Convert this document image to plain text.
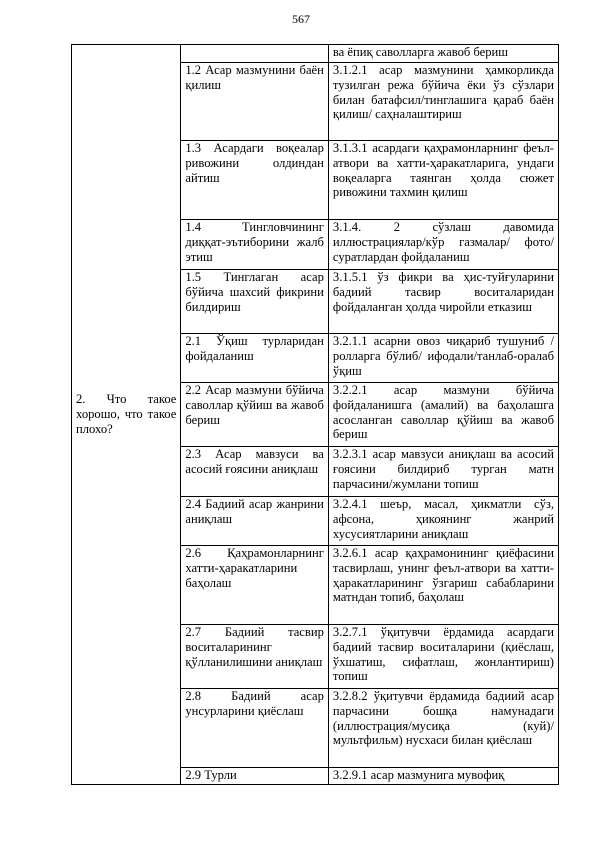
567
2. Что такое хорошо, что такое плохо?		ва ёпиқ саволларга жавоб бериш

	1.2 Асар мазмунини баён қилиш	3.1.2.1 асар мазмунини ҳамкорликда тузилган режа бўйича ёки ўз сўзлари билан батафсил/тинглашига қараб баён қилиш/ саҳналаштириш

	1.3 Асардаги воқеалар ривожини олдиндан айтиш	3.1.3.1 асардаги қаҳрамонларнинг феъл-атвори ва хатти-ҳаракатларига, ундаги воқеаларга таянган ҳолда сюжет ривожини тахмин қилиш

	1.4 Тингловчининг диққат-эътиборини жалб этиш	3.1.4. 2 сўзлаш давомида иллюстрациялар/кўр газмалар/ фото/суратлардан фойдаланиш

	1.5 Тинглаган асар бўйича шахсий фикрини билдириш	3.1.5.1 ўз фикри ва ҳис-туйғуларини бадиий тасвир воситаларидан фойдаланган ҳолда чиройли етказиш

	2.1 Ўқиш турларидан фойдаланиш	3.2.1.1 асарни овоз чиқариб тушуниб / ролларга бўлиб/ ифодали/танлаб-оралаб ўқиш

	2.2 Асар мазмуни бўйича саволлар қўйиш ва жавоб бериш	3.2.2.1 асар мазмуни бўйича фойдаланишга (амалий) ва баҳолашга асосланган саволлар қўйиш ва жавоб бериш

	2.3 Асар мавзуси ва асосий ғоясини аниқлаш	3.2.3.1 асар мавзуси аниқлаш ва асосий ғоясини билдириб турган матн парчасини/жумлани топиш

	2.4 Бадиий асар жанрини аниқлаш	3.2.4.1 шеър, масал, ҳикматли сўз, афсона, ҳикоянинг жанрий хусусиятларини аниқлаш

	2.6 Қаҳрамонларнинг хатти-ҳаракатларини баҳолаш	3.2.6.1 асар қаҳрамонининг қиёфасини тасвирлаш, унинг феъл-атвори ва хатти-ҳаракатларининг ўзгариш сабабларини матндан топиб, баҳолаш

	2.7 Бадиий тасвир воситаларининг қўлланилишини аниқлаш	3.2.7.1 ўқитувчи ёрдамида асардаги бадиий тасвир воситаларини (қиёслаш, ўхшатиш, сифатлаш, жонлантириш) топиш

	2.8 Бадиий асар унсурларини қиёслаш	3.2.8.2 ўқитувчи ёрдамида бадиий асар парчасини бошқа намунадаги (иллюстрация/мусиқа (куй)/ мультфильм) нусхаси билан қиёслаш

	2.9 Турли	3.2.9.1 асар мазмунига мувофиқ
